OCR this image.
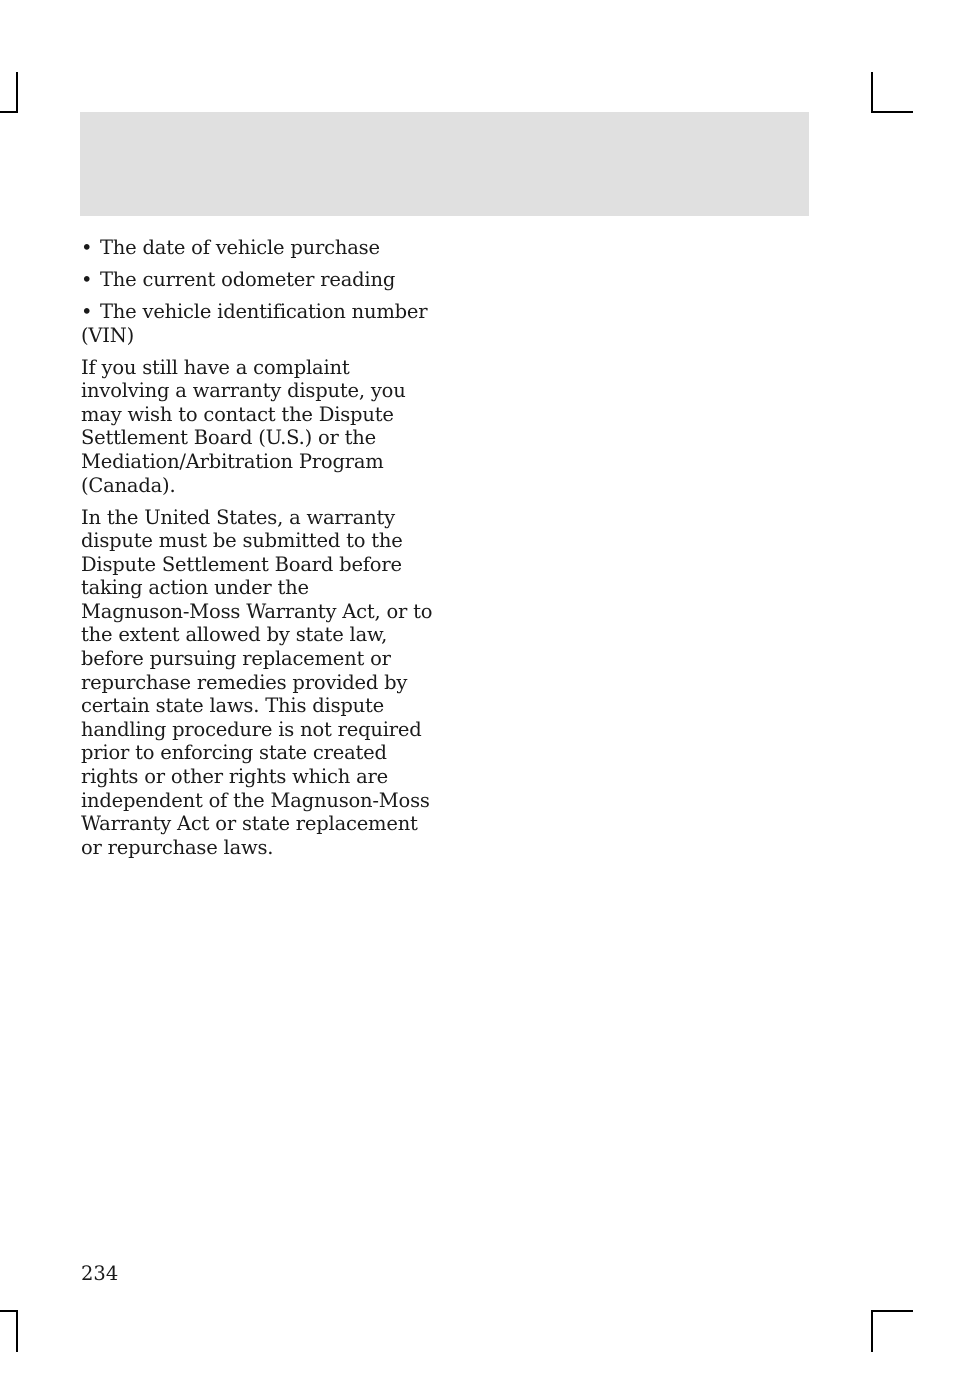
• The date of vehicle purchase
• The current odometer reading
• The vehicle identification number
(VIN)

If you still have a complaint
involving a warranty dispute, you
may wish to contact the Dispute
Settlement Board (U.S.) or the
Mediation/Arbitration Program
(Canada).

In the United States, a warranty
dispute must be submitted to the
Dispute Settlement Board before
taking action under the
Magnuson-Moss Warranty Act, or to
the extent allowed by state law,
before pursuing replacement or
repurchase remedies provided by
certain state laws. This dispute
handling procedure is not required
prior to enforcing state created
rights or other rights which are
independent of the Magnuson-Moss
Warranty Act or state replacement
or repurchase laws.

234
